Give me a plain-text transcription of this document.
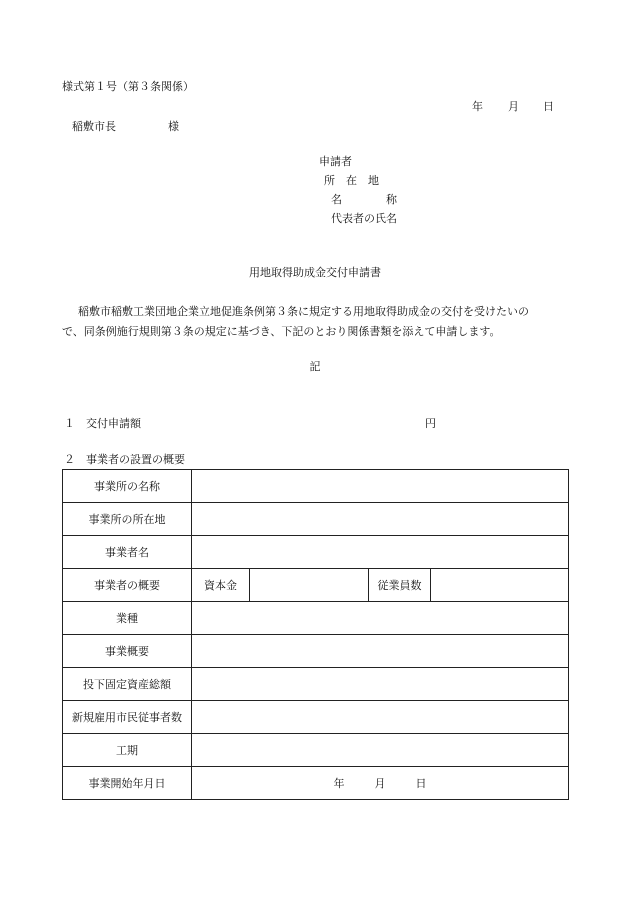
様式第１号（第３条関係）
年 月 日
稲敷市長	様
申請者
所　在　地
名　　　　称
代表者の氏名
用地取得助成金交付申請書
稲敷市稲敷工業団地企業立地促進条例第３条に規定する用地取得助成金の交付を受けたいの
で、同条例施行規則第３条の規定に基づき、下記のとおり関係書類を添えて申請します。
記
１ 交付申請額	円
２ 事業者の設置の概要
事業所の名称				
事業所の所在地				
事業者名				
事業者の概要	資本金		従業員数	
業種				
事業概要				
投下固定資産総額				
新規雇用市民従事者数				
工期				
事業開始年月日	年 月 日			
